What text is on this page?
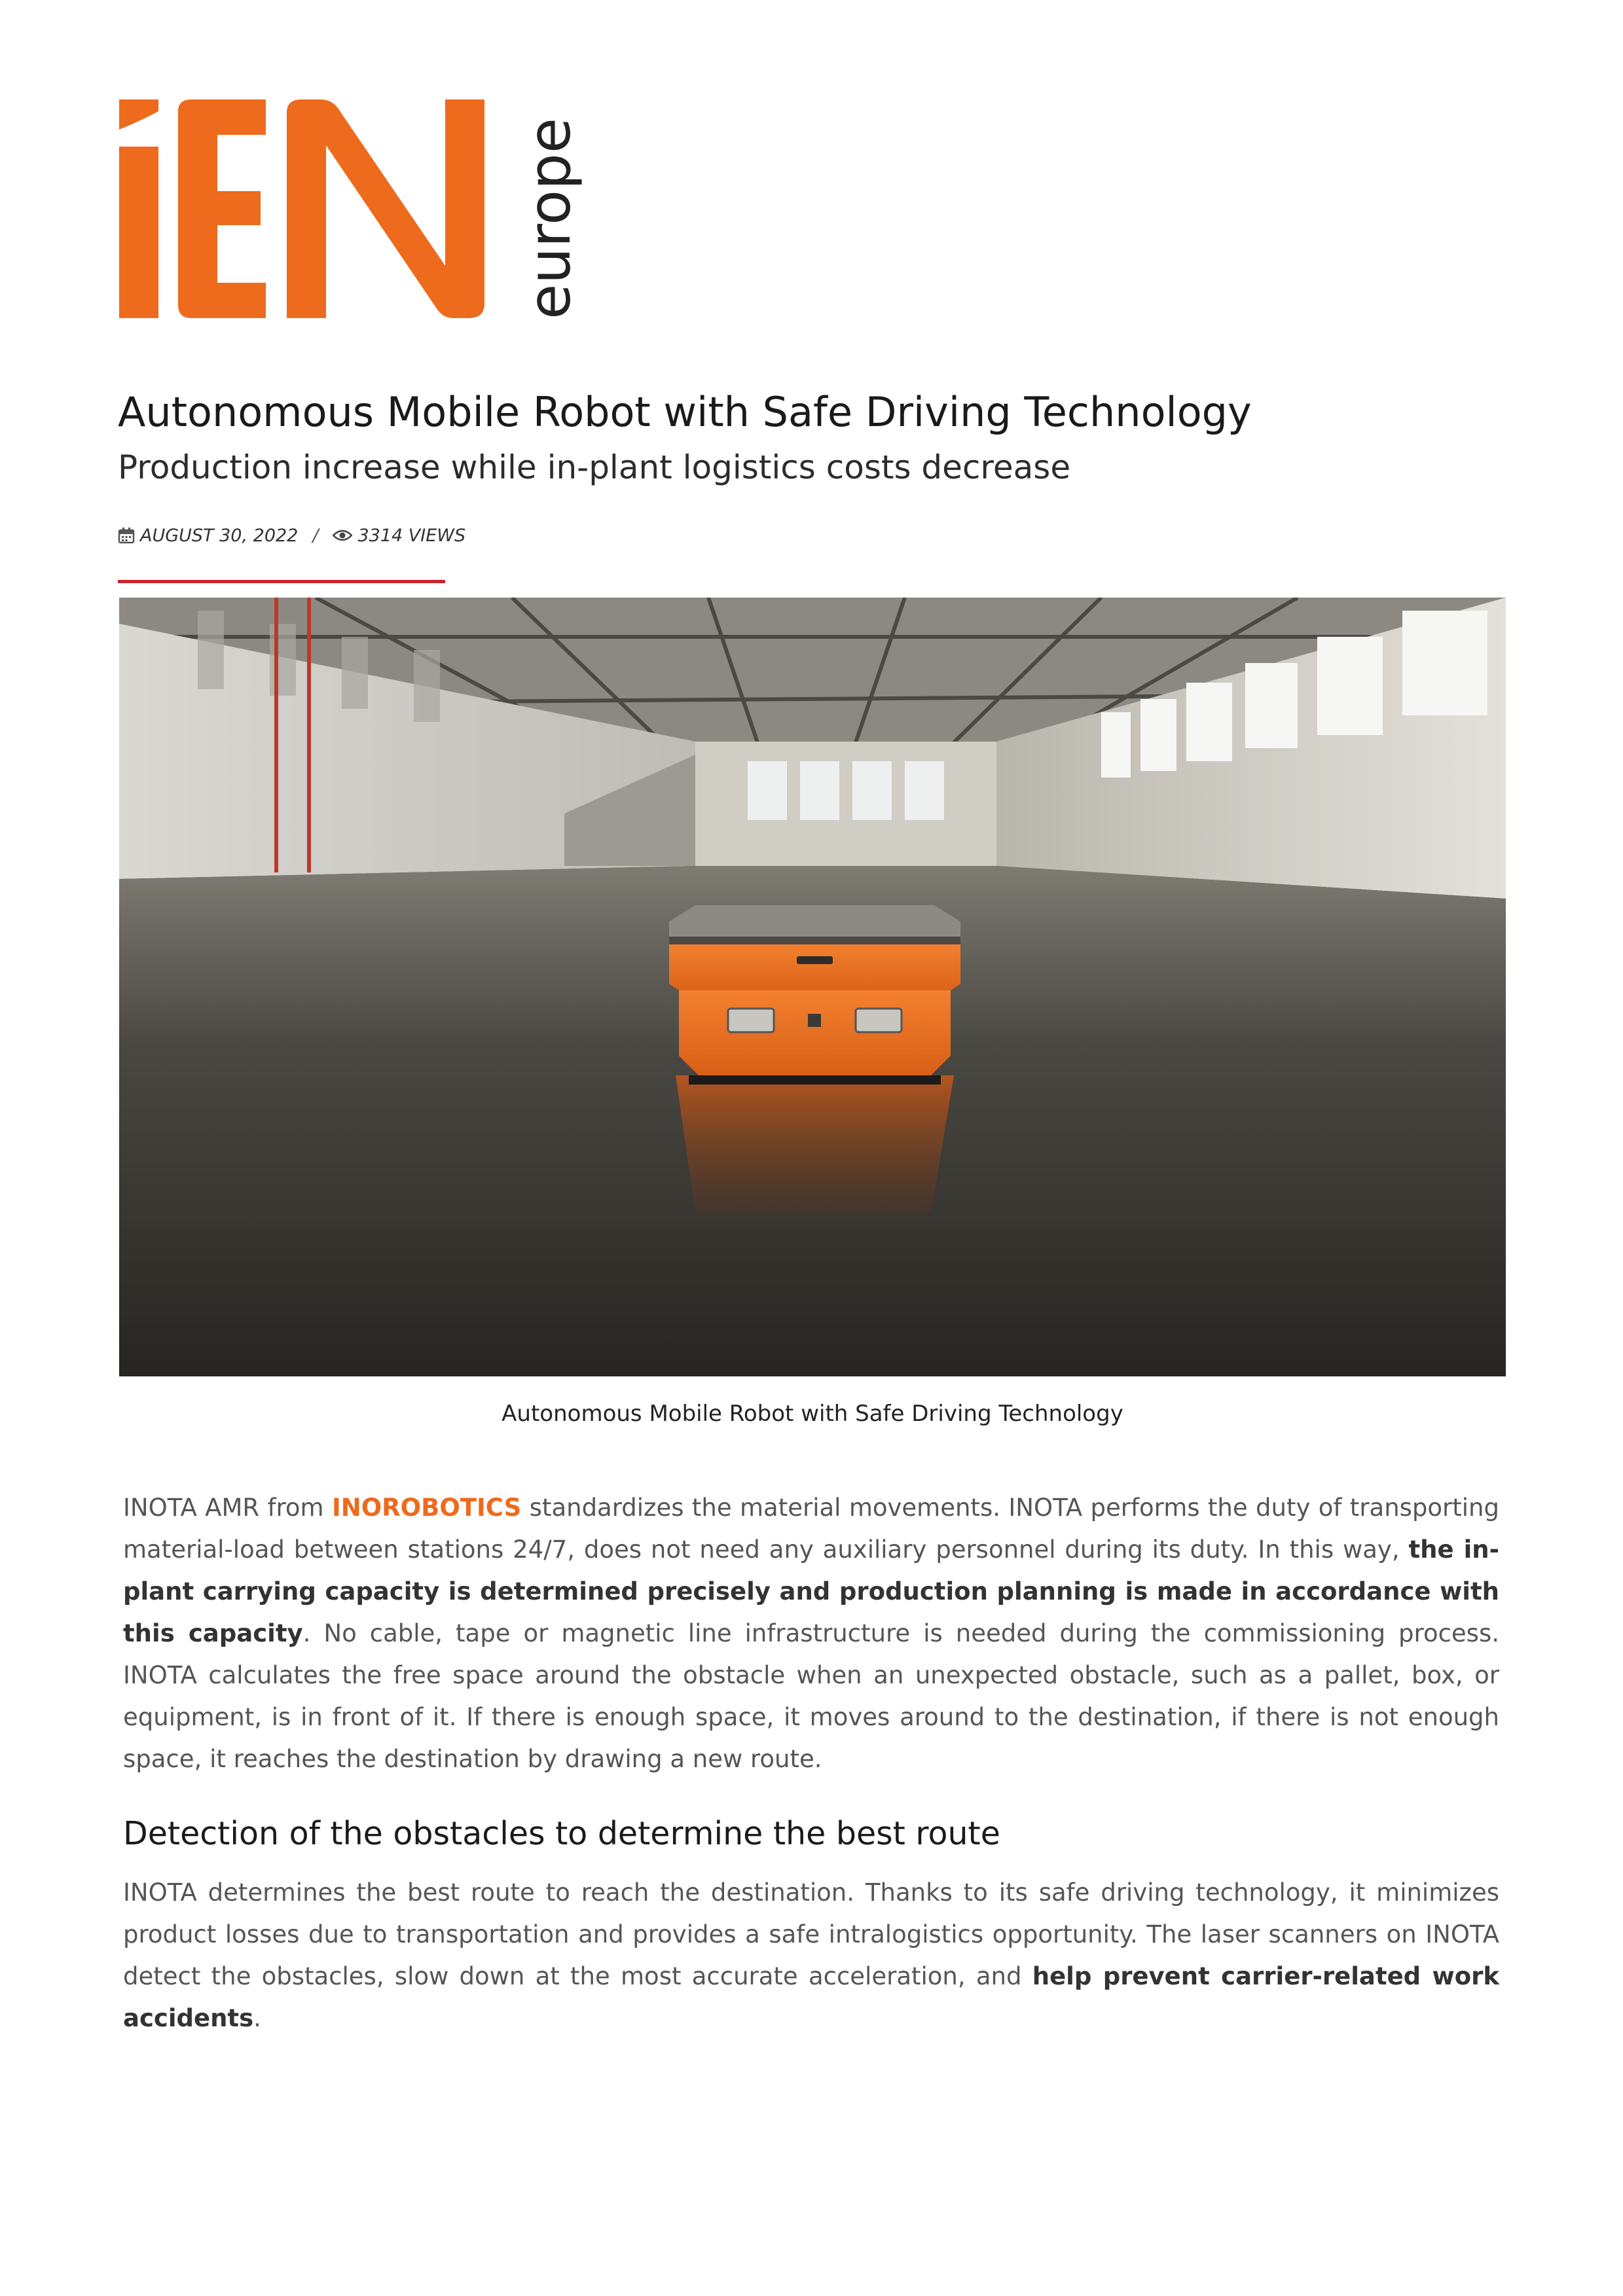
europe
Autonomous Mobile Robot with Safe Driving Technology
Production increase while in-plant logistics costs decrease
AUGUST 30, 2022 / 3314 VIEWS
Autonomous Mobile Robot with Safe Driving Technology

INOTA AMR from INOROBOTICS standardizes the material movements. INOTA performs the duty of transporting material-load between stations 24/7, does not need any auxiliary personnel during its duty. In this way, the in-plant carrying capacity is determined precisely and production planning is made in accordance with this capacity. No cable, tape or magnetic line infrastructure is needed during the commissioning process. INOTA calculates the free space around the obstacle when an unexpected obstacle, such as a pallet, box, or equipment, is in front of it. If there is enough space, it moves around to the destination, if there is not enough space, it reaches the destination by drawing a new route.

Detection of the obstacles to determine the best route

INOTA determines the best route to reach the destination. Thanks to its safe driving technology, it minimizes product losses due to transportation and provides a safe intralogistics opportunity. The laser scanners on INOTA detect the obstacles, slow down at the most accurate acceleration, and help prevent carrier-related work accidents.
